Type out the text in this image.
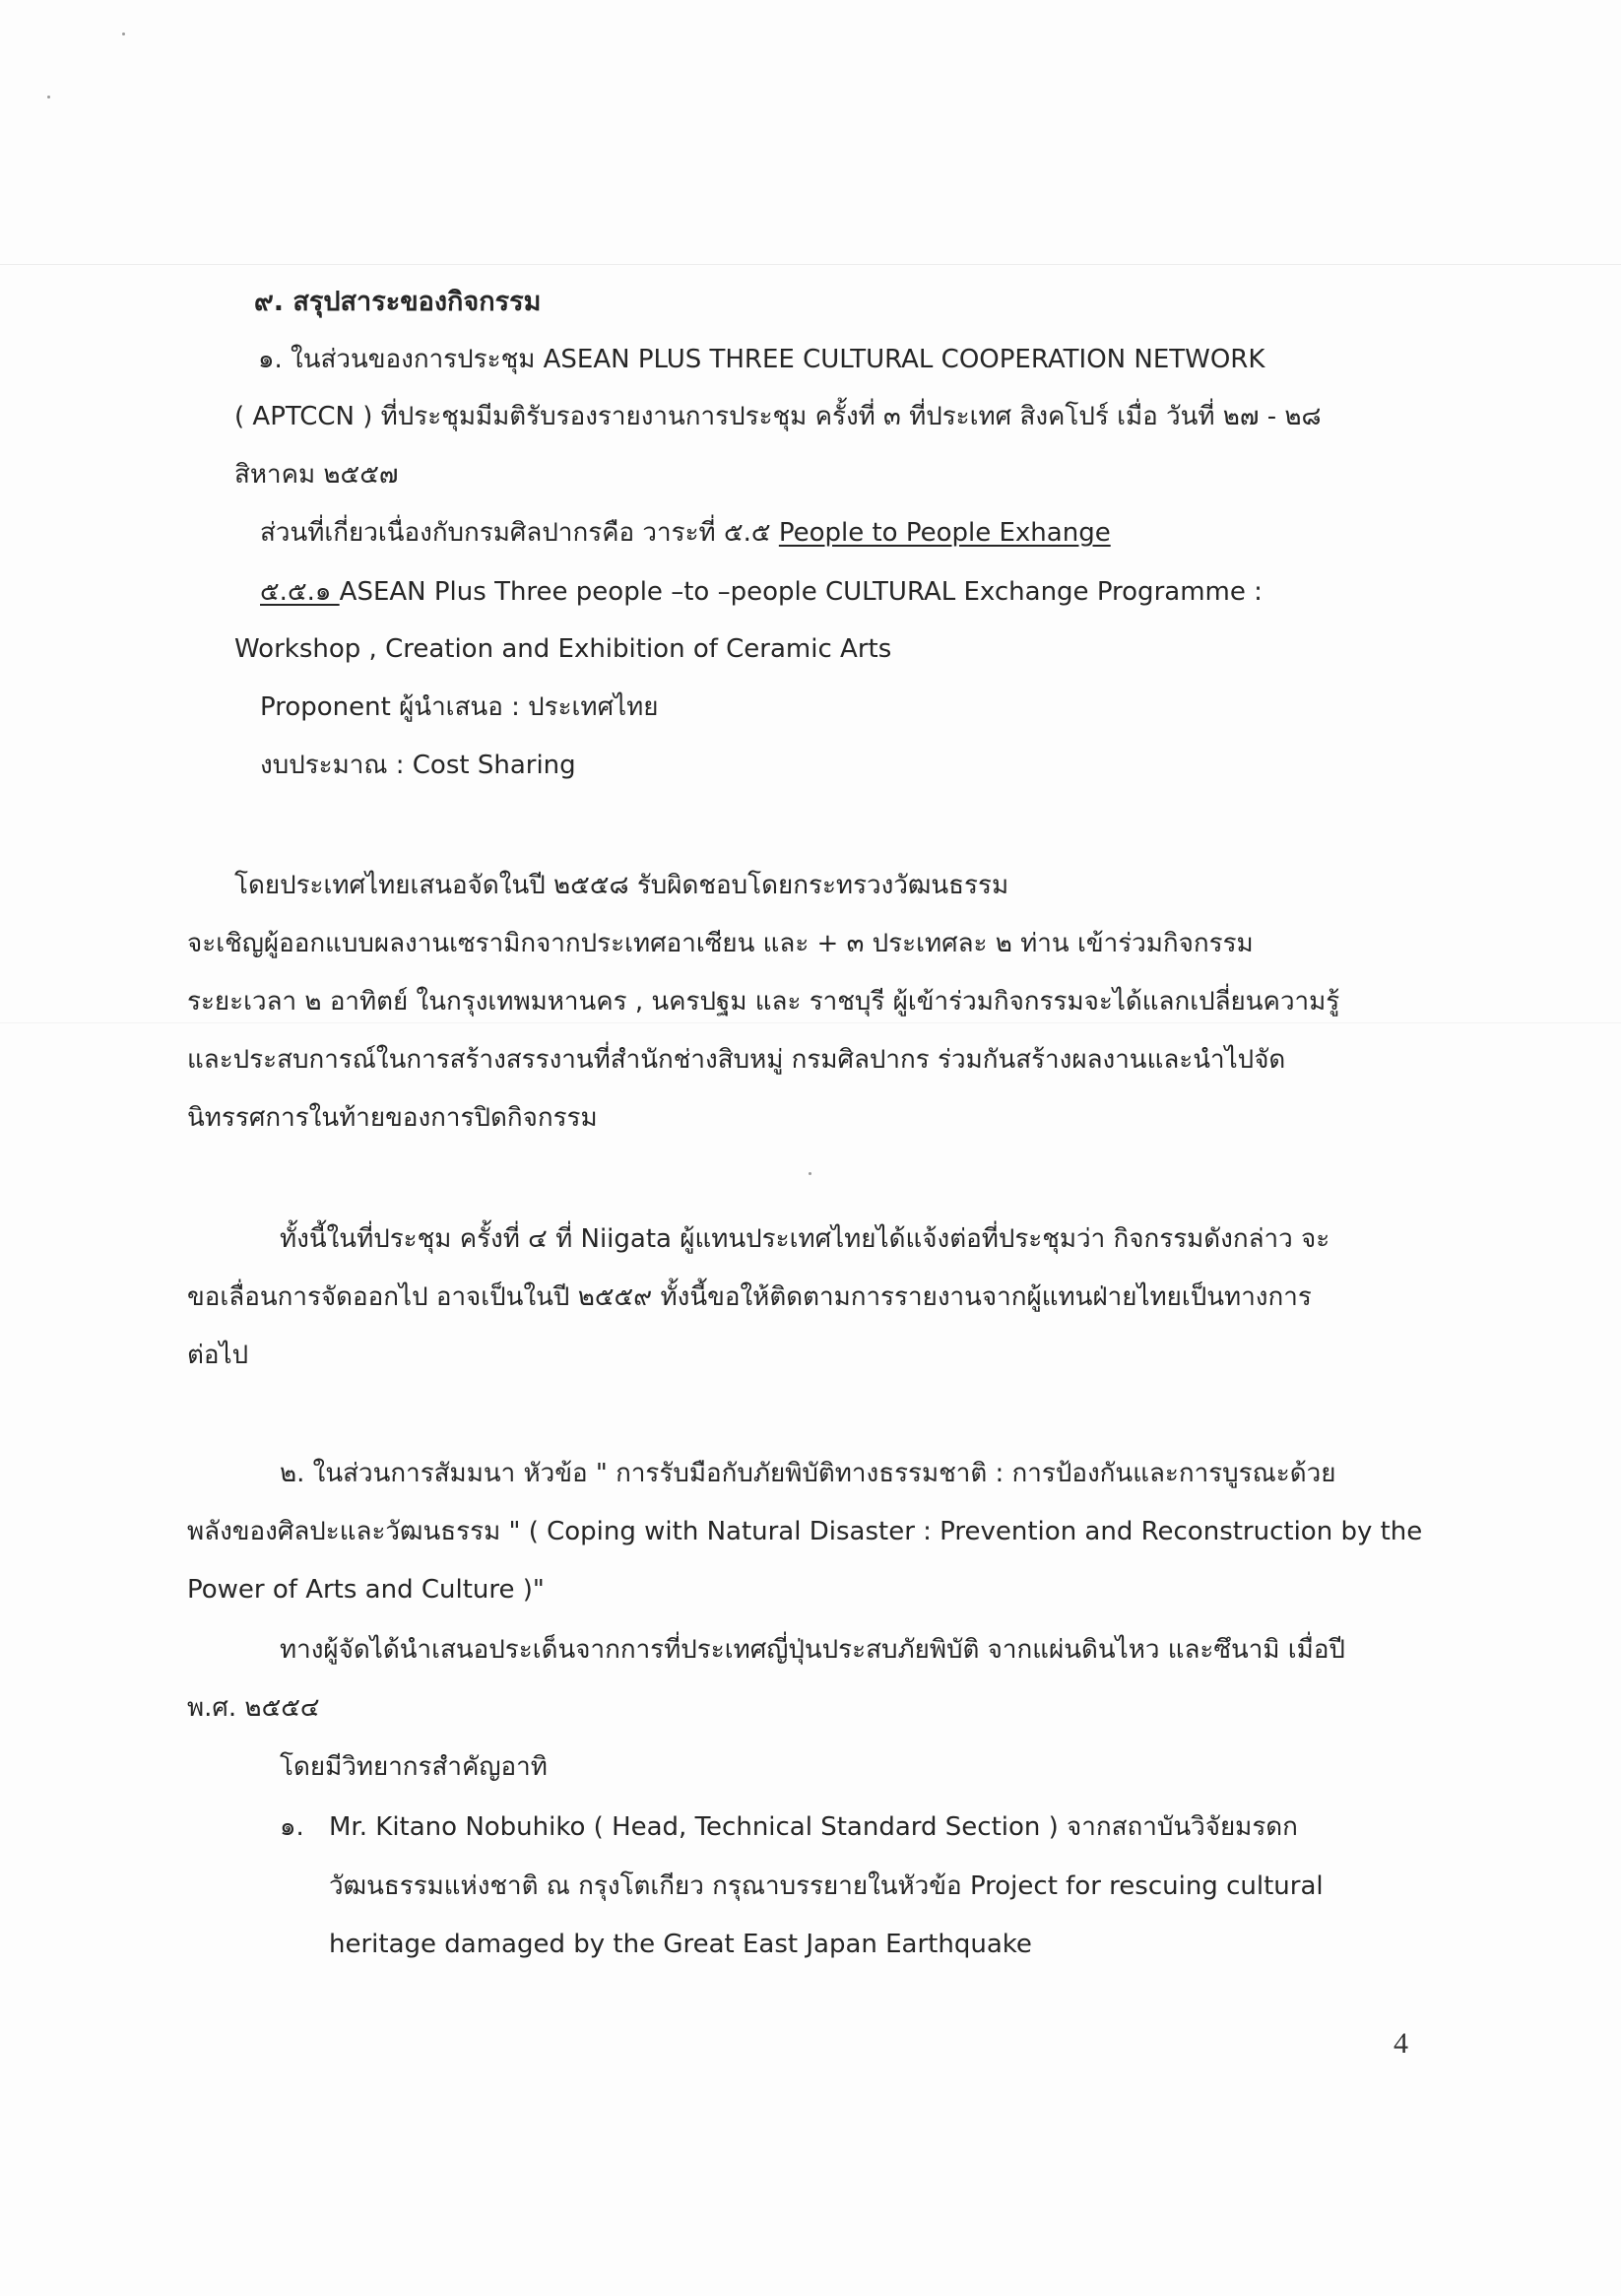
๙. สรุปสาระของกิจกรรม
๑. ในส่วนของการประชุม ASEAN PLUS THREE CULTURAL COOPERATION NETWORK
( APTCCN ) ที่ประชุมมีมติรับรองรายงานการประชุม ครั้งที่ ๓ ที่ประเทศ สิงคโปร์ เมื่อ วันที่ ๒๗ - ๒๘
สิหาคม ๒๕๕๗
ส่วนที่เกี่ยวเนื่องกับกรมศิลปากรคือ วาระที่ ๕.๕ People to People Exhange
๕.๕.๑ ASEAN Plus Three people –to –people CULTURAL Exchange Programme :
Workshop , Creation and Exhibition of Ceramic Arts
Proponent ผู้นำเสนอ : ประเทศไทย
งบประมาณ : Cost Sharing
โดยประเทศไทยเสนอจัดในปี ๒๕๕๘ รับผิดชอบโดยกระทรวงวัฒนธรรม
จะเชิญผู้ออกแบบผลงานเซรามิกจากประเทศอาเซียน และ + ๓ ประเทศละ ๒ ท่าน เข้าร่วมกิจกรรม
ระยะเวลา ๒ อาทิตย์ ในกรุงเทพมหานคร , นครปฐม และ ราชบุรี ผู้เข้าร่วมกิจกรรมจะได้แลกเปลี่ยนความรู้
และประสบการณ์ในการสร้างสรรงานที่สำนักช่างสิบหมู่ กรมศิลปากร ร่วมกันสร้างผลงานและนำไปจัด
นิทรรศการในท้ายของการปิดกิจกรรม
ทั้งนี้ในที่ประชุม ครั้งที่ ๔ ที่ Niigata ผู้แทนประเทศไทยได้แจ้งต่อที่ประชุมว่า กิจกรรมดังกล่าว จะ
ขอเลื่อนการจัดออกไป อาจเป็นในปี ๒๕๕๙ ทั้งนี้ขอให้ติดตามการรายงานจากผู้แทนฝ่ายไทยเป็นทางการ
ต่อไป
๒. ในส่วนการสัมมนา หัวข้อ " การรับมือกับภัยพิบัติทางธรรมชาติ : การป้องกันและการบูรณะด้วย
พลังของศิลปะและวัฒนธรรม " ( Coping with Natural Disaster : Prevention and Reconstruction by the
Power of Arts and Culture )"
ทางผู้จัดได้นำเสนอประเด็นจากการที่ประเทศญี่ปุ่นประสบภัยพิบัติ จากแผ่นดินไหว และซึนามิ เมื่อปี
พ.ศ. ๒๕๕๔
โดยมีวิทยากรสำคัญอาทิ
๑. Mr. Kitano Nobuhiko ( Head, Technical Standard Section ) จากสถาบันวิจัยมรดก
วัฒนธรรมแห่งชาติ ณ กรุงโตเกียว กรุณาบรรยายในหัวข้อ Project for rescuing cultural
heritage damaged by the Great East Japan Earthquake
4
